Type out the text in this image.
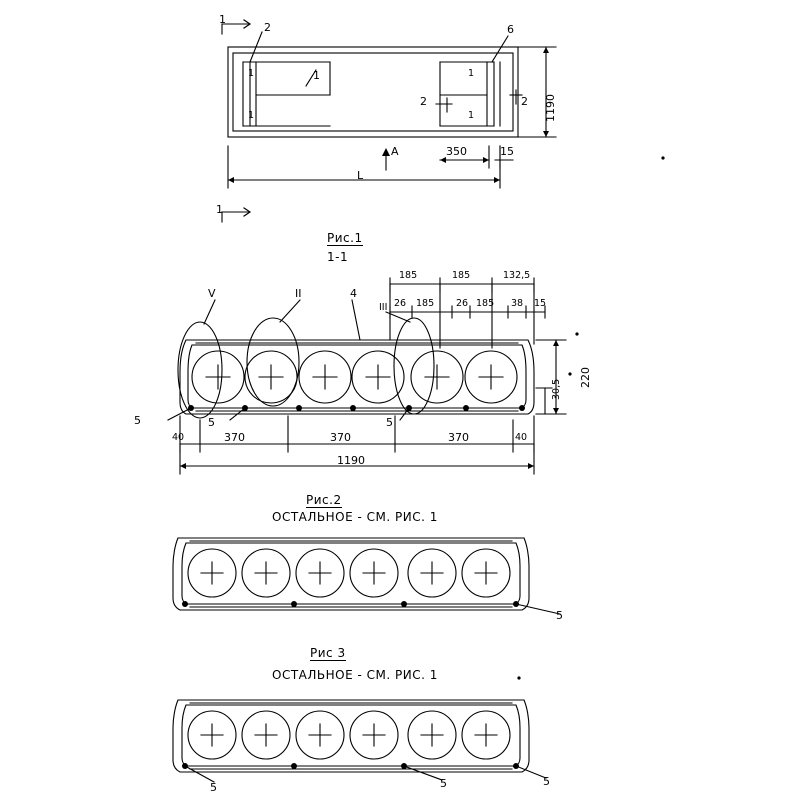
1
2	6
1
1
1
1
1
2	2 1190
350	15
L
A
1
Рис.1
1-1
V	II	4
III
185	185	132,5
26 185 26 185 38 15
30,5
220
40	370	370	370	40
1190
5	5	5
Рис.2
ОСТАЛЬНОЕ - СМ. РИС. 1
5
Рис 3
ОСТАЛЬНОЕ - СМ. РИС. 1
5	5	5
